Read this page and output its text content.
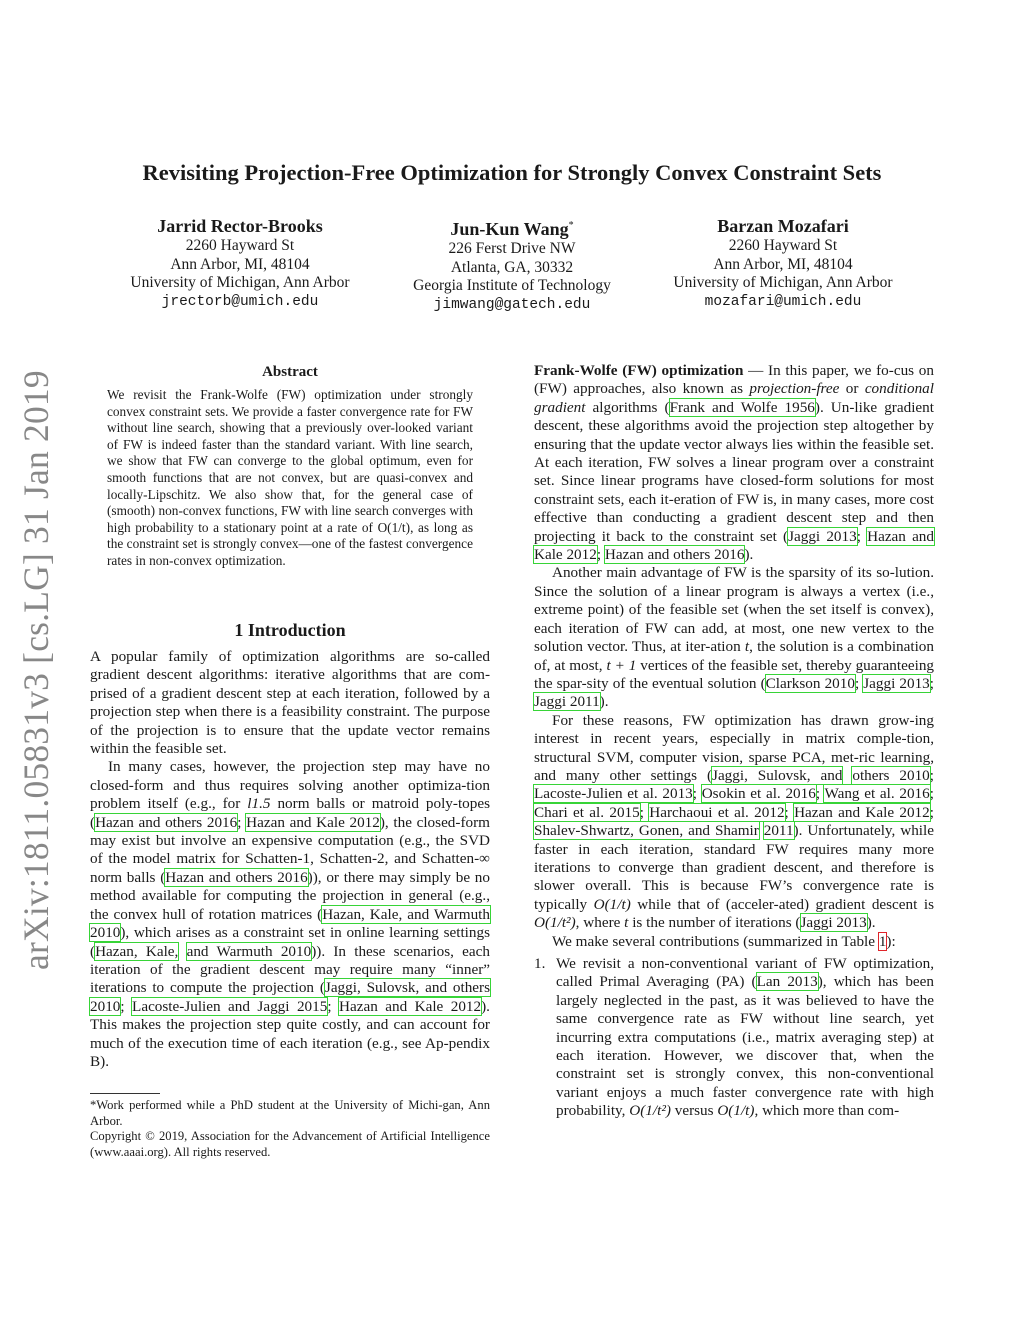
Revisiting Projection-Free Optimization for Strongly Convex Constraint Sets
Jarrid Rector-Brooks
2260 Hayward St
Ann Arbor, MI, 48104
University of Michigan, Ann Arbor
jrectorb@umich.edu
Jun-Kun Wang*
226 Ferst Drive NW
Atlanta, GA, 30332
Georgia Institute of Technology
jimwang@gatech.edu
Barzan Mozafari
2260 Hayward St
Ann Arbor, MI, 48104
University of Michigan, Ann Arbor
mozafari@umich.edu
arXiv:1811.05831v3 [cs.LG] 31 Jan 2019	Abstract
We revisit the Frank-Wolfe (FW) optimization under strongly convex constraint sets. We provide a faster convergence rate for FW without line search, showing that a previously over-looked variant of FW is indeed faster than the standard variant. With line search, we show that FW can converge to the global optimum, even for smooth functions that are not convex, but are quasi-convex and locally-Lipschitz. We also show that, for the general case of (smooth) non-convex functions, FW with line search converges with high probability to a stationary point at a rate of O(1/t), as long as the constraint set is strongly convex—one of the fastest convergence rates in non-convex optimization.
1 Introduction

A popular family of optimization algorithms are so-called gradient descent algorithms: iterative algorithms that are com-prised of a gradient descent step at each iteration, followed by a projection step when there is a feasibility constraint. The purpose of the projection is to ensure that the update vector remains within the feasible set.

In many cases, however, the projection step may have no closed-form and thus requires solving another optimiza-tion problem itself (e.g., for l1.5 norm balls or matroid poly-topes (Hazan and others 2016; Hazan and Kale 2012), the closed-form may exist but involve an expensive computation (e.g., the SVD of the model matrix for Schatten-1, Schatten-2, and Schatten-∞ norm balls (Hazan and others 2016)), or there may simply be no method available for computing the projection in general (e.g., the convex hull of rotation matrices (Hazan, Kale, and Warmuth 2010), which arises as a constraint set in online learning settings (Hazan, Kale, and Warmuth 2010)). In these scenarios, each iteration of the gradient descent may require many “inner” iterations to compute the projection (Jaggi, Sulovsk, and others 2010; Lacoste-Julien and Jaggi 2015; Hazan and Kale 2012). This makes the projection step quite costly, and can account for much of the execution time of each iteration (e.g., see Ap-pendix B).

*Work performed while a PhD student at the University of Michi-gan, Ann Arbor.
Copyright © 2019, Association for the Advancement of Artificial Intelligence (www.aaai.org). All rights reserved.

Frank-Wolfe (FW) optimization — In this paper, we fo-cus on (FW) approaches, also known as projection-free or conditional gradient algorithms (Frank and Wolfe 1956). Un-like gradient descent, these algorithms avoid the projection step altogether by ensuring that the update vector always lies within the feasible set. At each iteration, FW solves a linear program over a constraint set. Since linear programs have closed-form solutions for most constraint sets, each it-eration of FW is, in many cases, more cost effective than conducting a gradient descent step and then projecting it back to the constraint set (Jaggi 2013; Hazan and Kale 2012; Hazan and others 2016).

Another main advantage of FW is the sparsity of its so-lution. Since the solution of a linear program is always a vertex (i.e., extreme point) of the feasible set (when the set itself is convex), each iteration of FW can add, at most, one new vertex to the solution vector. Thus, at iter-ation t, the solution is a combination of, at most, t + 1 vertices of the feasible set, thereby guaranteeing the spar-sity of the eventual solution (Clarkson 2010; Jaggi 2013; Jaggi 2011).

For these reasons, FW optimization has drawn grow-ing interest in recent years, especially in matrix comple-tion, structural SVM, computer vision, sparse PCA, met-ric learning, and many other settings (Jaggi, Sulovsk, and others 2010; Lacoste-Julien et al. 2013; Osokin et al. 2016; Wang et al. 2016; Chari et al. 2015; Harchaoui et al. 2012; Hazan and Kale 2012; Shalev-Shwartz, Gonen, and Shamir 2011). Unfortunately, while faster in each iteration, standard FW requires many more iterations to converge than gradient descent, and therefore is slower overall. This is because FW’s convergence rate is typically O(1/t) while that of (acceler-ated) gradient descent is O(1/t²), where t is the number of iterations (Jaggi 2013).

We make several contributions (summarized in Table 1):

1. We revisit a non-conventional variant of FW optimization, called Primal Averaging (PA) (Lan 2013), which has been largely neglected in the past, as it was believed to have the same convergence rate as FW without line search, yet incurring extra computations (i.e., matrix averaging step) at each iteration. However, we discover that, when the constraint set is strongly convex, this non-conventional variant enjoys a much faster convergence rate with high probability, O(1/t²) versus O(1/t), which more than com-
